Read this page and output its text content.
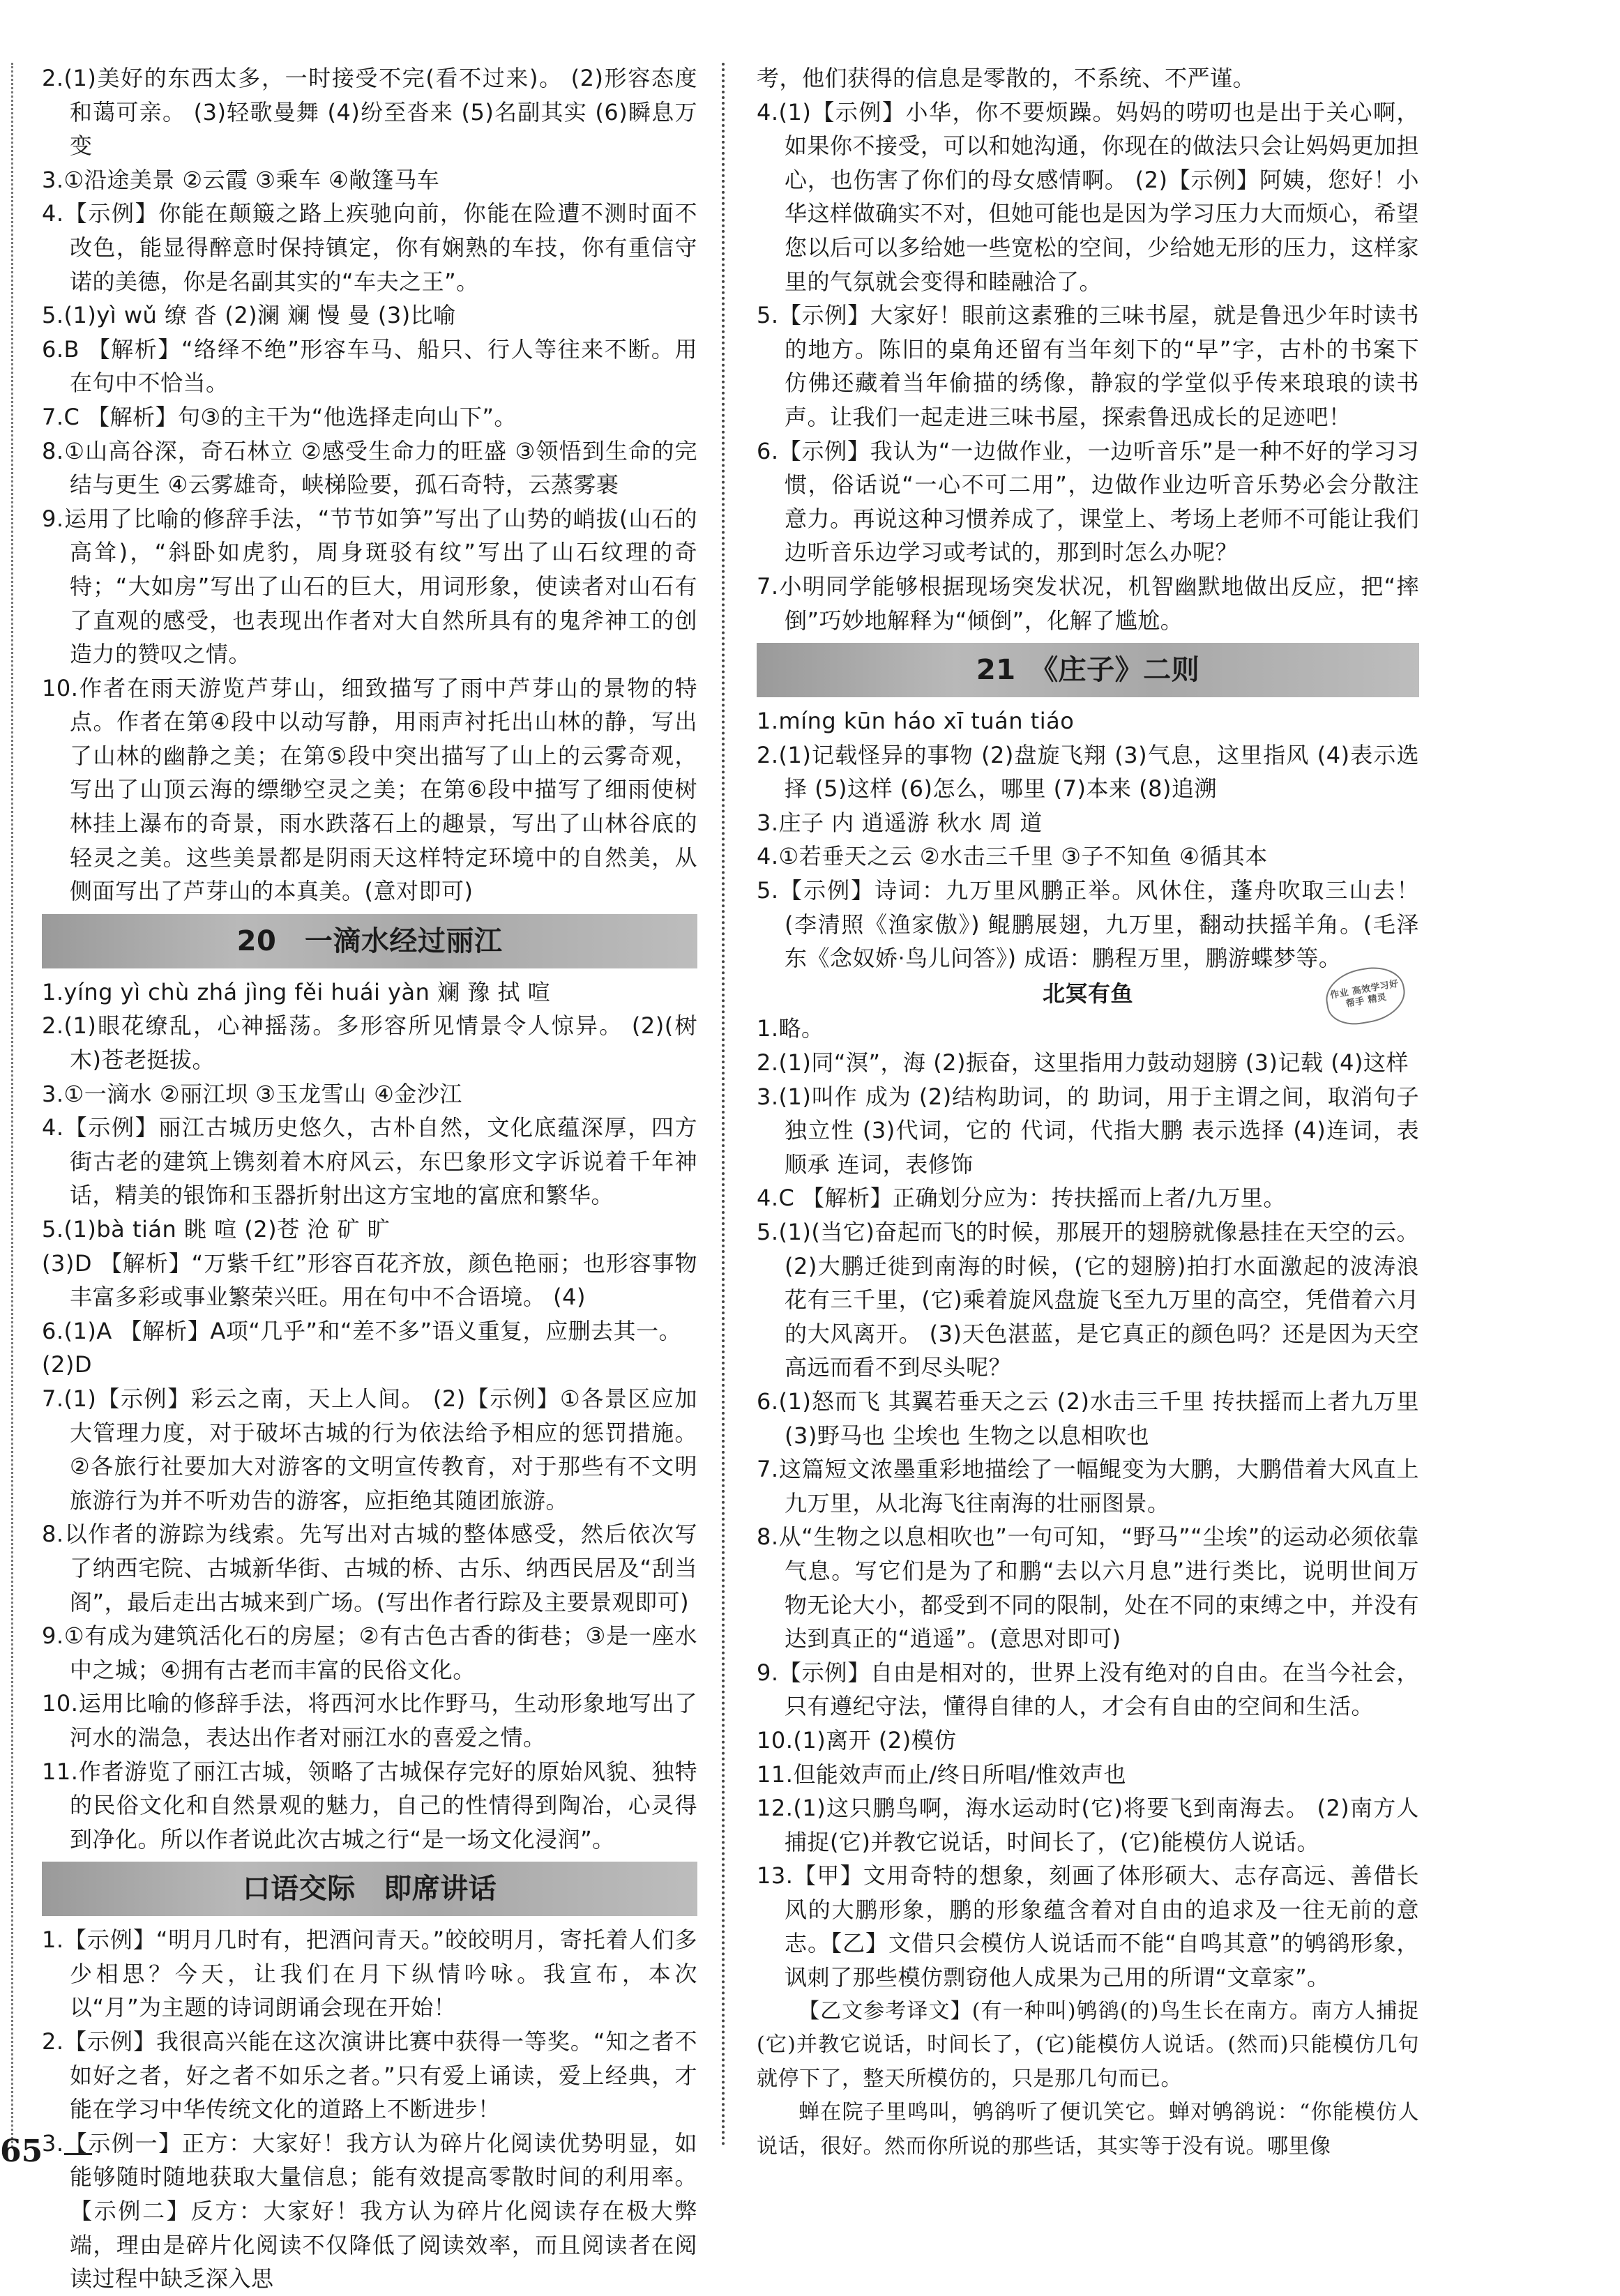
2.(1)美好的东西太多，一时接受不完(看不过来)。 (2)形容态度和蔼可亲。 (3)轻歌曼舞 (4)纷至沓来 (5)名副其实 (6)瞬息万变

3.①沿途美景 ②云霞 ③乘车 ④敞篷马车

4.【示例】你能在颠簸之路上疾驰向前，你能在险遭不测时面不改色，能显得醉意时保持镇定，你有娴熟的车技，你有重信守诺的美德，你是名副其实的“车夫之王”。

5.(1)yì wǔ 缭 沓 (2)澜 斓 慢 曼 (3)比喻

6.B 【解析】“络绎不绝”形容车马、船只、行人等往来不断。用在句中不恰当。

7.C 【解析】句③的主干为“他选择走向山下”。

8.①山高谷深，奇石林立 ②感受生命力的旺盛 ③领悟到生命的完结与更生 ④云雾雄奇，峡梯险要，孤石奇特，云蒸雾裹

9.运用了比喻的修辞手法，“节节如笋”写出了山势的峭拔(山石的高耸)，“斜卧如虎豹，周身斑驳有纹”写出了山石纹理的奇特；“大如房”写出了山石的巨大，用词形象，使读者对山石有了直观的感受，也表现出作者对大自然所具有的鬼斧神工的创造力的赞叹之情。

10.作者在雨天游览芦芽山，细致描写了雨中芦芽山的景物的特点。作者在第④段中以动写静，用雨声衬托出山林的静，写出了山林的幽静之美；在第⑤段中突出描写了山上的云雾奇观，写出了山顶云海的缥缈空灵之美；在第⑥段中描写了细雨使树林挂上瀑布的奇景，雨水跌落石上的趣景，写出了山林谷底的轻灵之美。这些美景都是阴雨天这样特定环境中的自然美，从侧面写出了芦芽山的本真美。(意对即可)

20　一滴水经过丽江

1.yíng yì chù zhá jìng fěi huái yàn 斓 豫 拭 喧

2.(1)眼花缭乱，心神摇荡。多形容所见情景令人惊异。 (2)(树木)苍老挺拔。

3.①一滴水 ②丽江坝 ③玉龙雪山 ④金沙江

4.【示例】丽江古城历史悠久，古朴自然，文化底蕴深厚，四方街古老的建筑上镌刻着木府风云，东巴象形文字诉说着千年神话，精美的银饰和玉器折射出这方宝地的富庶和繁华。

5.(1)bà tián 眺 喧 (2)苍 沧 矿 旷

(3)D 【解析】“万紫千红”形容百花齐放，颜色艳丽；也形容事物丰富多彩或事业繁荣兴旺。用在句中不合语境。 (4)

6.(1)A 【解析】A项“几乎”和“差不多”语义重复，应删去其一。

(2)D

7.(1)【示例】彩云之南，天上人间。 (2)【示例】①各景区应加大管理力度，对于破坏古城的行为依法给予相应的惩罚措施。②各旅行社要加大对游客的文明宣传教育，对于那些有不文明旅游行为并不听劝告的游客，应拒绝其随团旅游。

8.以作者的游踪为线索。先写出对古城的整体感受，然后依次写了纳西宅院、古城新华街、古城的桥、古乐、纳西民居及“刮当阁”，最后走出古城来到广场。(写出作者行踪及主要景观即可)

9.①有成为建筑活化石的房屋；②有古色古香的街巷；③是一座水中之城；④拥有古老而丰富的民俗文化。

10.运用比喻的修辞手法，将西河水比作野马，生动形象地写出了河水的湍急，表达出作者对丽江水的喜爱之情。

11.作者游览了丽江古城，领略了古城保存完好的原始风貌、独特的民俗文化和自然景观的魅力，自己的性情得到陶冶，心灵得到净化。所以作者说此次古城之行“是一场文化浸润”。

口语交际　即席讲话

1.【示例】“明月几时有，把酒问青天。”皎皎明月，寄托着人们多少相思？今天，让我们在月下纵情吟咏。我宣布，本次以“月”为主题的诗词朗诵会现在开始！

2.【示例】我很高兴能在这次演讲比赛中获得一等奖。“知之者不如好之者，好之者不如乐之者。”只有爱上诵读，爱上经典，才能在学习中华传统文化的道路上不断进步！

3.【示例一】正方：大家好！我方认为碎片化阅读优势明显，如能够随时随地获取大量信息；能有效提高零散时间的利用率。 【示例二】反方：大家好！我方认为碎片化阅读存在极大弊端，理由是碎片化阅读不仅降低了阅读效率，而且阅读者在阅读过程中缺乏深入思

考，他们获得的信息是零散的，不系统、不严谨。

4.(1)【示例】小华，你不要烦躁。妈妈的唠叨也是出于关心啊，如果你不接受，可以和她沟通，你现在的做法只会让妈妈更加担心，也伤害了你们的母女感情啊。 (2)【示例】阿姨，您好！小华这样做确实不对，但她可能也是因为学习压力大而烦心，希望您以后可以多给她一些宽松的空间，少给她无形的压力，这样家里的气氛就会变得和睦融洽了。

5.【示例】大家好！眼前这素雅的三味书屋，就是鲁迅少年时读书的地方。陈旧的桌角还留有当年刻下的“早”字，古朴的书案下仿佛还藏着当年偷描的绣像，静寂的学堂似乎传来琅琅的读书声。让我们一起走进三味书屋，探索鲁迅成长的足迹吧！

6.【示例】我认为“一边做作业，一边听音乐”是一种不好的学习习惯，俗话说“一心不可二用”，边做作业边听音乐势必会分散注意力。再说这种习惯养成了，课堂上、考场上老师不可能让我们边听音乐边学习或考试的，那到时怎么办呢？

7.小明同学能够根据现场突发状况，机智幽默地做出反应，把“摔倒”巧妙地解释为“倾倒”，化解了尴尬。

21　《庄子》二则

1.míng kūn háo xī tuán tiáo

2.(1)记载怪异的事物 (2)盘旋飞翔 (3)气息，这里指风 (4)表示选择 (5)这样 (6)怎么，哪里 (7)本来 (8)追溯

3.庄子 内 逍遥游 秋水 周 道

4.①若垂天之云 ②水击三千里 ③子不知鱼 ④循其本

5.【示例】诗词：九万里风鹏正举。风休住，蓬舟吹取三山去！(李清照《渔家傲》) 鲲鹏展翅，九万里，翻动扶摇羊角。(毛泽东《念奴娇·鸟儿问答》) 成语：鹏程万里，鹏游蝶梦等。

北冥有鱼	作业 高效学习好帮手 精灵

1.略。

2.(1)同“溟”，海 (2)振奋，这里指用力鼓动翅膀 (3)记载 (4)这样

3.(1)叫作 成为 (2)结构助词，的 助词，用于主谓之间，取消句子独立性 (3)代词，它的 代词，代指大鹏 表示选择 (4)连词，表顺承 连词，表修饰

4.C 【解析】正确划分应为：抟扶摇而上者/九万里。

5.(1)(当它)奋起而飞的时候，那展开的翅膀就像悬挂在天空的云。(2)大鹏迁徙到南海的时候，(它的翅膀)拍打水面激起的波涛浪花有三千里，(它)乘着旋风盘旋飞至九万里的高空，凭借着六月的大风离开。 (3)天色湛蓝，是它真正的颜色吗？还是因为天空高远而看不到尽头呢？

6.(1)怒而飞 其翼若垂天之云 (2)水击三千里 抟扶摇而上者九万里 (3)野马也 尘埃也 生物之以息相吹也

7.这篇短文浓墨重彩地描绘了一幅鲲变为大鹏，大鹏借着大风直上九万里，从北海飞往南海的壮丽图景。

8.从“生物之以息相吹也”一句可知，“野马”“尘埃”的运动必须依靠气息。写它们是为了和鹏“去以六月息”进行类比，说明世间万物无论大小，都受到不同的限制，处在不同的束缚之中，并没有达到真正的“逍遥”。(意思对即可)

9.【示例】自由是相对的，世界上没有绝对的自由。在当今社会，只有遵纪守法，懂得自律的人，才会有自由的空间和生活。

10.(1)离开 (2)模仿

11.但能效声而止/终日所唱/惟效声也

12.(1)这只鹏鸟啊，海水运动时(它)将要飞到南海去。 (2)南方人捕捉(它)并教它说话，时间长了，(它)能模仿人说话。

13.【甲】文用奇特的想象，刻画了体形硕大、志存高远、善借长风的大鹏形象，鹏的形象蕴含着对自由的追求及一往无前的意志。【乙】文借只会模仿人说话而不能“自鸣其意”的鸲鹆形象，讽刺了那些模仿剽窃他人成果为己用的所谓“文章家”。

【乙文参考译文】(有一种叫)鸲鹆(的)鸟生长在南方。南方人捕捉(它)并教它说话，时间长了，(它)能模仿人说话。(然而)只能模仿几句就停下了，整天所模仿的，只是那几句而已。

蝉在院子里鸣叫，鸲鹆听了便讥笑它。蝉对鸲鹆说：“你能模仿人说话，很好。然而你所说的那些话，其实等于没有说。哪里像

65
